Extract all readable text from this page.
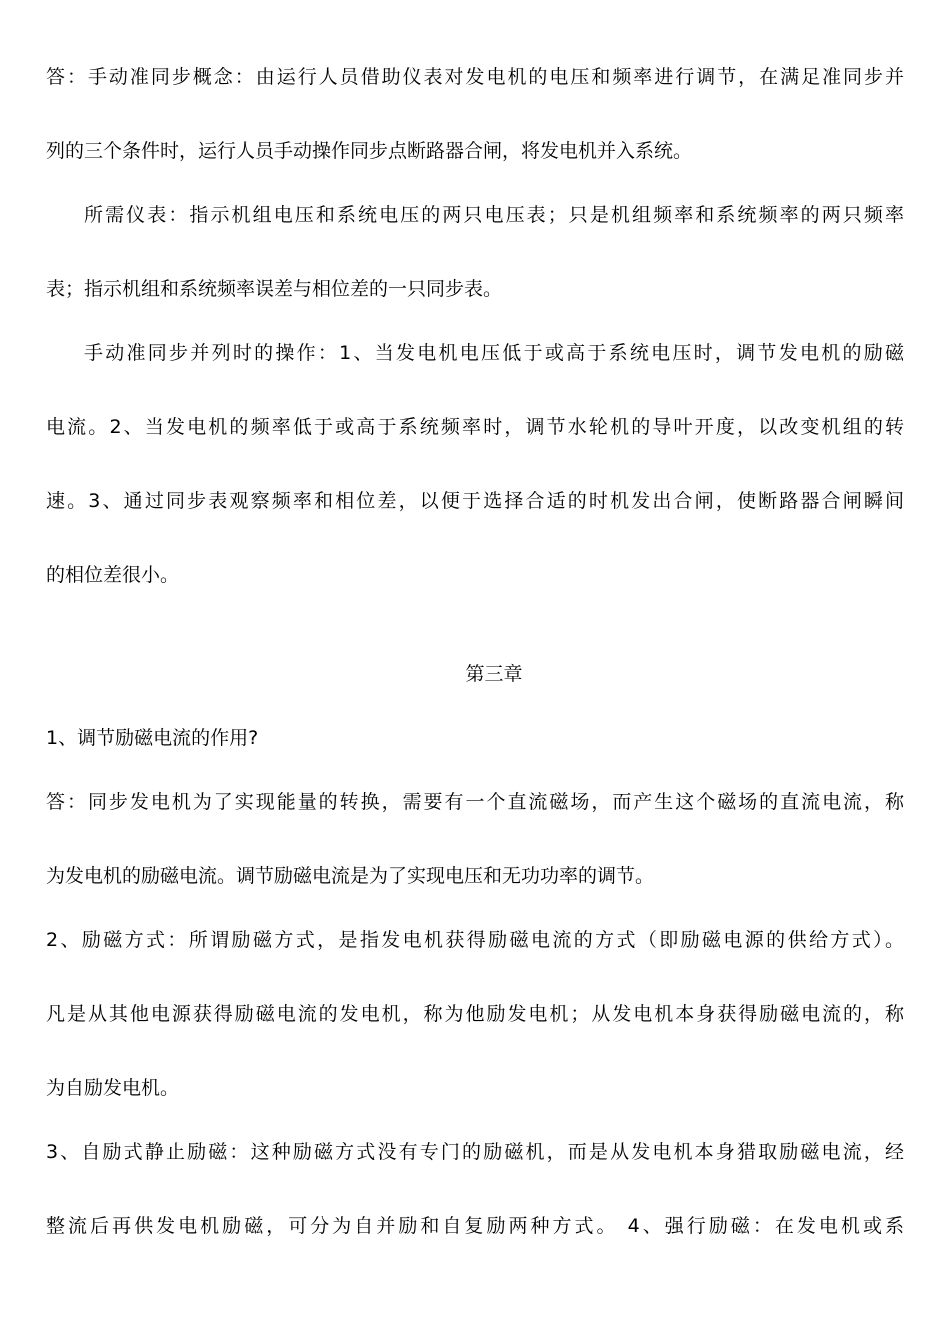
答：手动准同步概念：由运行人员借助仪表对发电机的电压和频率进行调节，在满足准同步并
列的三个条件时，运行人员手动操作同步点断路器合闸，将发电机并入系统。
所需仪表：指示机组电压和系统电压的两只电压表；只是机组频率和系统频率的两只频率
表；指示机组和系统频率误差与相位差的一只同步表。
手动准同步并列时的操作：1、当发电机电压低于或高于系统电压时，调节发电机的励磁
电流。2、当发电机的频率低于或高于系统频率时，调节水轮机的导叶开度，以改变机组的转
速。3、通过同步表观察频率和相位差，以便于选择合适的时机发出合闸，使断路器合闸瞬间
的相位差很小。
第三章
1、调节励磁电流的作用?
答：同步发电机为了实现能量的转换，需要有一个直流磁场，而产生这个磁场的直流电流，称
为发电机的励磁电流。调节励磁电流是为了实现电压和无功功率的调节。
2、励磁方式：所谓励磁方式，是指发电机获得励磁电流的方式（即励磁电源的供给方式）。
凡是从其他电源获得励磁电流的发电机，称为他励发电机；从发电机本身获得励磁电流的，称
为自励发电机。
3、自励式静止励磁：这种励磁方式没有专门的励磁机，而是从发电机本身猎取励磁电流，经
整流后再供发电机励磁，可分为自并励和自复励两种方式。 4、强行励磁：在发电机或系
